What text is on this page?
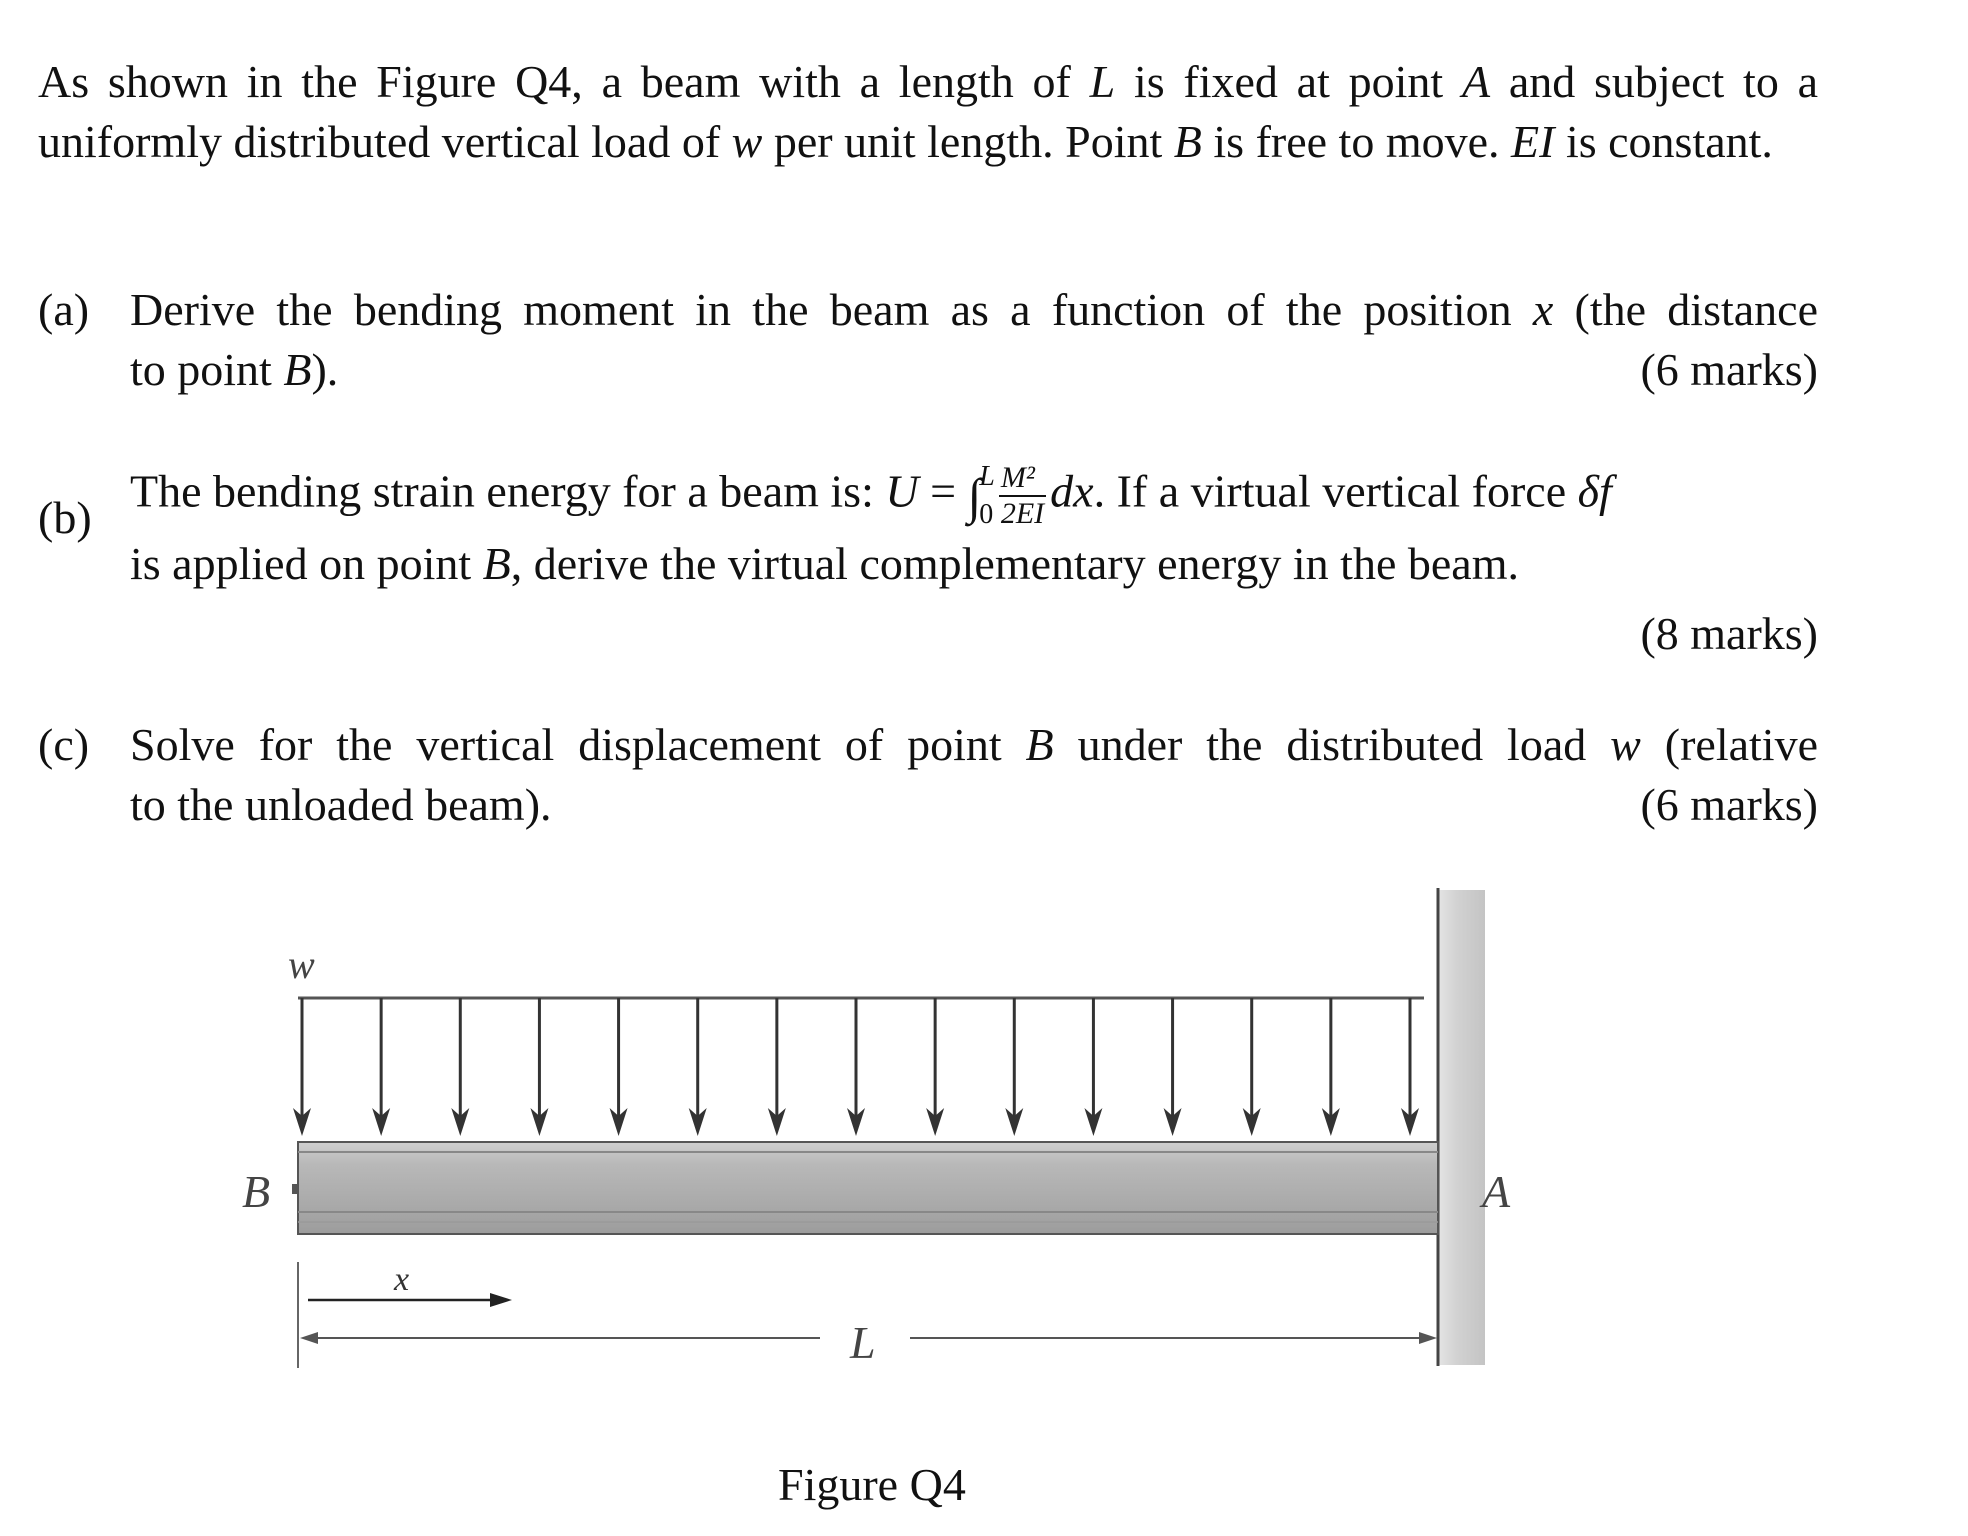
As shown in the Figure Q4, a beam with a length of L is fixed at point A and subject to a uniformly distributed vertical load of w per unit length. Point B is free to move. EI is constant.
(a) Derive the bending moment in the beam as a function of the position x (the distance
to point B).	(6 marks)
(b)
The bending strain energy for a beam is: U = ∫
L
$0 \frac{\text{M²}}{2EI}$ dx. If a virtual vertical force δf
is applied on point B, derive the virtual complementary energy in the beam.
(8 marks)
(c) Solve for the vertical displacement of point B under the distributed load w (relative
to the unloaded beam).	(6 marks)
w
B	A
x
L
Figure Q4
